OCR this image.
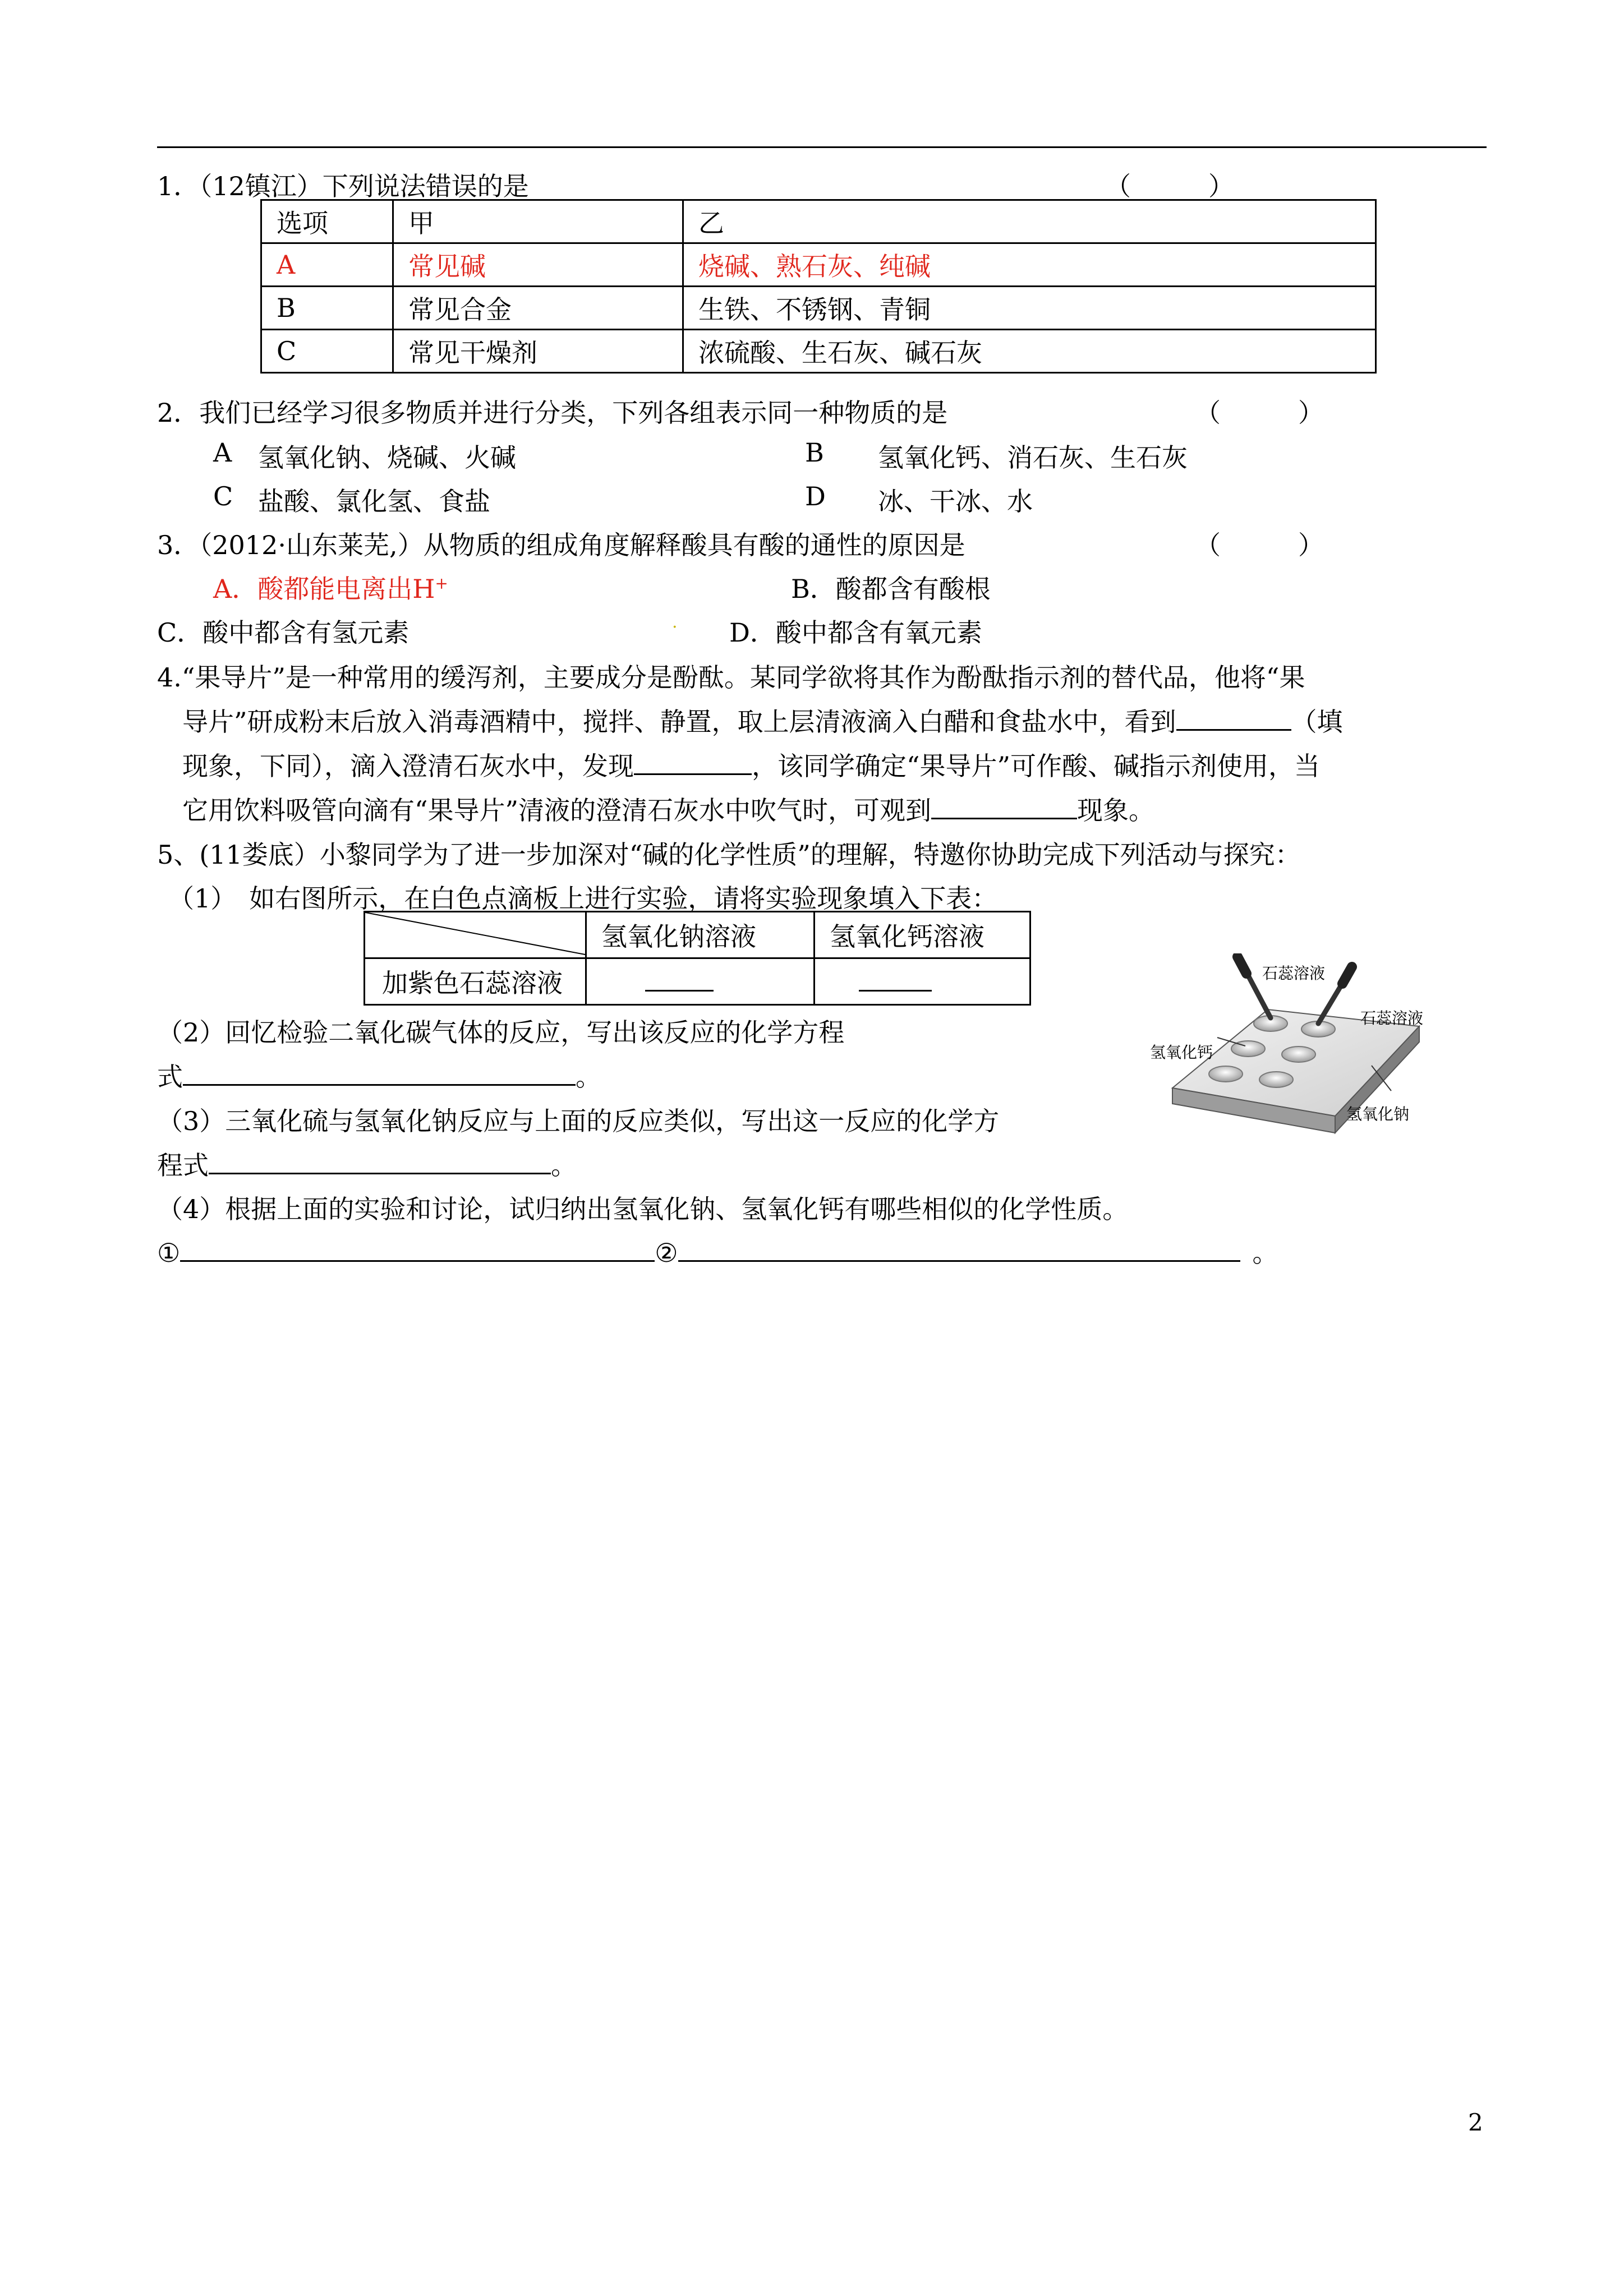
1．（12镇江）下列说法错误的是	（　　　）
选项	甲	乙
A	常见碱	烧碱、熟石灰、纯碱
B	常见合金	生铁、不锈钢、青铜
C	常见干燥剂	浓硫酸、生石灰、碱石灰
2．我们已经学习很多物质并进行分类，下列各组表示同一种物质的是	（　　　）
A 氢氧化钠、烧碱、火碱	B 氢氧化钙、消石灰、生石灰
C 盐酸、氯化氢、食盐	D 冰、干冰、水
3．（2012·山东莱芜,）从物质的组成角度解释酸具有酸的通性的原因是	（　　　）
A．酸都能电离出H+	B．酸都含有酸根
C．酸中都含有氢元素	. D．酸中都含有氧元素
4.“果导片”是一种常用的缓泻剂，主要成分是酚酞。某同学欲将其作为酚酞指示剂的替代品，他将“果
导片”研成粉末后放入消毒酒精中，搅拌、静置，取上层清液滴入白醋和食盐水中，看到	（填
现象，下同），滴入澄清石灰水中，发现	，该同学确定“果导片”可作酸、碱指示剂使用，当
它用饮料吸管向滴有“果导片”清液的澄清石灰水中吹气时，可观到	现象。
5、(11娄底）小黎同学为了进一步加深对“碱的化学性质”的理解，特邀你协助完成下列活动与探究：
（1）　如右图所示，在白色点滴板上进行实验，请将实验现象填入下表：
	氢氧化钠溶液	氢氧化钙溶液
加紫色石蕊溶液		
（2）回忆检验二氧化碳气体的反应，写出该反应的化学方程
式	。
（3）三氧化硫与氢氧化钠反应与上面的反应类似，写出这一反应的化学方
程式	。
（4）根据上面的实验和讨论，试归纳出氢氧化钠、氢氧化钙有哪些相似的化学性质。
①	②	。
石蕊溶液
石蕊溶液
氢氧化钙
氢氧化钠
2
